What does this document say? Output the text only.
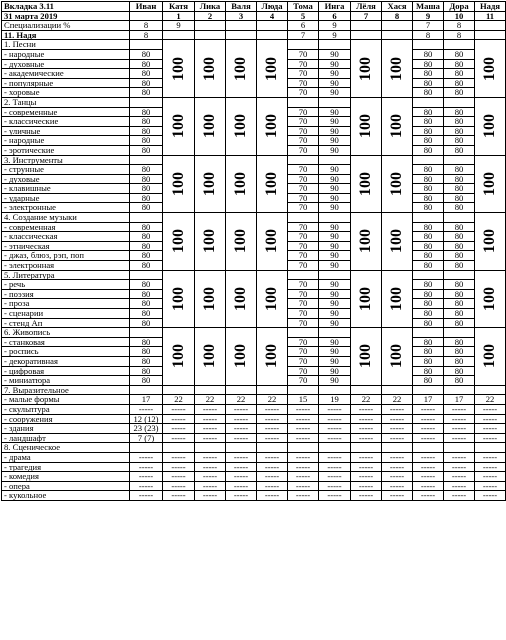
Вкладка 3.11	Иван	Катя	Лика	Валя	Люда	Тома	Инга	Лёля	Хася	Маша	Дора	Надя
31 марта 2019		1	2	3	4	5	6	7	8	9	10	11
Специализации %	8	9				6	9			7	8	
11. Надя	8					7	9			8	8	
1. Песни		100	100	100	100			100	100			100
- народные	80					70	90			80	80	
- духовные	80					70	90			80	80	
- академические	80					70	90			80	80	
- популярные	80					70	90			80	80	
- хоровые	80					70	90			80	80	
2. Танцы		100	100	100	100			100	100			100
- современные	80					70	90			80	80	
- классические	80					70	90			80	80	
- уличные	80					70	90			80	80	
- народные	80					70	90			80	80	
- эротические	80					70	90			80	80	
3. Инструменты		100	100	100	100			100	100			100
- струнные	80					70	90			80	80	
- духовые	80					70	90			80	80	
- клавишные	80					70	90			80	80	
- ударные	80					70	90			80	80	
- электронные	80					70	90			80	80	
4. Создание музыки		100	100	100	100			100	100			100
- современная	80					70	90			80	80	
- классическая	80					70	90			80	80	
- этническая	80					70	90			80	80	
- джаз, блюз, рэп, поп	80					70	90			80	80	
- электронная	80					70	90			80	80	
5. Литература		100	100	100	100			100	100			100
- речь	80					70	90			80	80	
- поэзия	80					70	90			80	80	
- проза	80					70	90			80	80	
- сценарии	80					70	90			80	80	
- стенд Ап	80					70	90			80	80	
6. Живопись		100	100	100	100			100	100			100
- станковая	80					70	90			80	80	
- роспись	80					70	90			80	80	
- декоративная	80					70	90			80	80	
- цифровая	80					70	90			80	80	
- миниатюра	80					70	90			80	80	
7. Выразительное												
- малые формы	17	22	22	22	22	15	19	22	22	17	17	22
- скульптура	-----	-----	-----	-----	-----	-----	-----	-----	-----	-----	-----	-----
- сооружения	12 (12)	-----	-----	-----	-----	-----	-----	-----	-----	-----	-----	-----
- здания	23 (23)	-----	-----	-----	-----	-----	-----	-----	-----	-----	-----	-----
- ландшафт	7 (7)	-----	-----	-----	-----	-----	-----	-----	-----	-----	-----	-----
8. Сценическое												
- драма	-----	-----	-----	-----	-----	-----	-----	-----	-----	-----	-----	-----
- трагедия	-----	-----	-----	-----	-----	-----	-----	-----	-----	-----	-----	-----
- комедия	-----	-----	-----	-----	-----	-----	-----	-----	-----	-----	-----	-----
- опера	-----	-----	-----	-----	-----	-----	-----	-----	-----	-----	-----	-----
- кукольное	-----	-----	-----	-----	-----	-----	-----	-----	-----	-----	-----	-----
